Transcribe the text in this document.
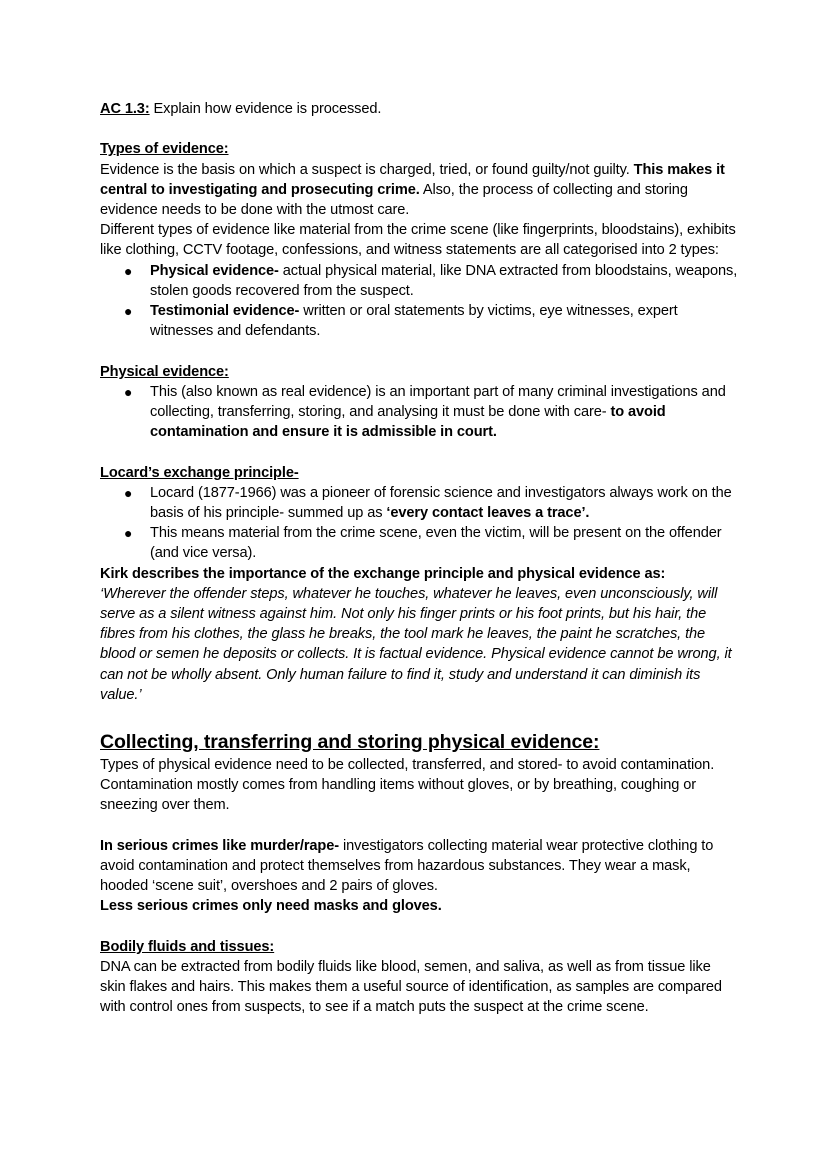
AC 1.3: Explain how evidence is processed.

Types of evidence:

Evidence is the basis on which a suspect is charged, tried, or found guilty/not guilty. This makes it central to investigating and prosecuting crime. Also, the process of collecting and storing evidence needs to be done with the utmost care.

Different types of evidence like material from the crime scene (like fingerprints, bloodstains), exhibits like clothing, CCTV footage, confessions, and witness statements are all categorised into 2 types:

● Physical evidence- actual physical material, like DNA extracted from bloodstains, weapons, stolen goods recovered from the suspect.
● Testimonial evidence- written or oral statements by victims, eye witnesses, expert witnesses and defendants.

Physical evidence:

● This (also known as real evidence) is an important part of many criminal investigations and collecting, transferring, storing, and analysing it must be done with care- to avoid contamination and ensure it is admissible in court.

Locard’s exchange principle-

● Locard (1877-1966) was a pioneer of forensic science and investigators always work on the basis of his principle- summed up as ‘every contact leaves a trace’.
● This means material from the crime scene, even the victim, will be present on the offender (and vice versa).

Kirk describes the importance of the exchange principle and physical evidence as:

‘Wherever the offender steps, whatever he touches, whatever he leaves, even unconsciously, will serve as a silent witness against him. Not only his finger prints or his foot prints, but his hair, the fibres from his clothes, the glass he breaks, the tool mark he leaves, the paint he scratches, the blood or semen he deposits or collects. It is factual evidence. Physical evidence cannot be wrong, it can not be wholly absent. Only human failure to find it, study and understand it can diminish its value.’

Collecting, transferring and storing physical evidence:

Types of physical evidence need to be collected, transferred, and stored- to avoid contamination. Contamination mostly comes from handling items without gloves, or by breathing, coughing or sneezing over them.

In serious crimes like murder/rape- investigators collecting material wear protective clothing to avoid contamination and protect themselves from hazardous substances. They wear a mask, hooded ‘scene suit’, overshoes and 2 pairs of gloves.

Less serious crimes only need masks and gloves.

Bodily fluids and tissues:

DNA can be extracted from bodily fluids like blood, semen, and saliva, as well as from tissue like skin flakes and hairs. This makes them a useful source of identification, as samples are compared with control ones from suspects, to see if a match puts the suspect at the crime scene.
